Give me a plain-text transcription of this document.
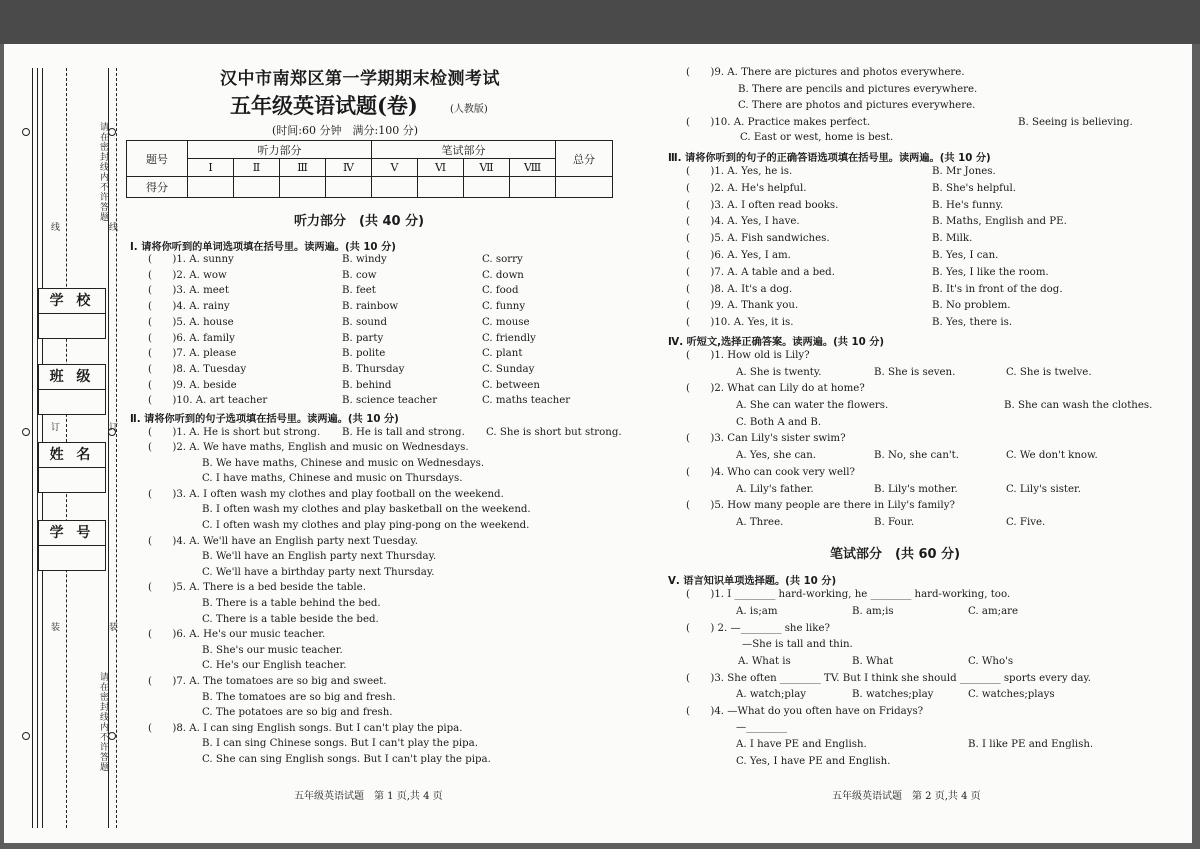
请在密封线内不许答题
请在密封线内不许答题
线	线
订	订
装	装
学 校
班 级
姓 名
学 号
汉中市南郑区第一学期期末检测考试
五年级英语试题(卷)	(人教版)
(时间:60 分钟　满分:100 分)
题号	听力部分				笔试部分				总分
	Ⅰ	Ⅱ	Ⅲ	Ⅳ	Ⅴ	Ⅵ	Ⅶ	Ⅷ	
得分									
听力部分　(共 40 分)
Ⅰ. 请将你听到的单词选项填在括号里。读两遍。(共 10 分)
(　　)1. A. sunny	B. windy	C. sorry
(　　)2. A. wow	B. cow	C. down
(　　)3. A. meet	B. feet	C. food
(　　)4. A. rainy	B. rainbow	C. funny
(　　)5. A. house	B. sound	C. mouse
(　　)6. A. family	B. party	C. friendly
(　　)7. A. please	B. polite	C. plant
(　　)8. A. Tuesday	B. Thursday	C. Sunday
(　　)9. A. beside	B. behind	C. between
(　　)10. A. art teacher	B. science teacher	C. maths teacher
Ⅱ. 请将你听到的句子选项填在括号里。读两遍。(共 10 分)
(　　)1. A. He is short but strong. B. He is tall and strong. C. She is short but strong.
(　　)2. A. We have maths, English and music on Wednesdays.
B. We have maths, Chinese and music on Wednesdays.
C. I have maths, Chinese and music on Thursdays.
(　　)3. A. I often wash my clothes and play football on the weekend.
B. I often wash my clothes and play basketball on the weekend.
C. I often wash my clothes and play ping-pong on the weekend.
(　　)4. A. We'll have an English party next Tuesday.
B. We'll have an English party next Thursday.
C. We'll have a birthday party next Thursday.
(　　)5. A. There is a bed beside the table.
B. There is a table behind the bed.
C. There is a table beside the bed.
(　　)6. A. He's our music teacher.
B. She's our music teacher.
C. He's our English teacher.
(　　)7. A. The tomatoes are so big and sweet.
B. The tomatoes are so big and fresh.
C. The potatoes are so big and fresh.
(　　)8. A. I can sing English songs. But I can't play the pipa.
B. I can sing Chinese songs. But I can't play the pipa.
C. She can sing English songs. But I can't play the pipa.
五年级英语试题　第 1 页,共 4 页
(　　)9. A. There are pictures and photos everywhere.
B. There are pencils and pictures everywhere.
C. There are photos and pictures everywhere.
(　　)10. A. Practice makes perfect.	B. Seeing is believing.
C. East or west, home is best.
Ⅲ. 请将你听到的句子的正确答语选项填在括号里。读两遍。(共 10 分)
(　　)1. A. Yes, he is.	B. Mr Jones.
(　　)2. A. He's helpful.	B. She's helpful.
(　　)3. A. I often read books.	B. He's funny.
(　　)4. A. Yes, I have.	B. Maths, English and PE.
(　　)5. A. Fish sandwiches.	B. Milk.
(　　)6. A. Yes, I am.	B. Yes, I can.
(　　)7. A. A table and a bed.	B. Yes, I like the room.
(　　)8. A. It's a dog.	B. It's in front of the dog.
(　　)9. A. Thank you.	B. No problem.
(　　)10. A. Yes, it is.	B. Yes, there is.
Ⅳ. 听短文,选择正确答案。读两遍。(共 10 分)
(　　)1. How old is Lily?
A. She is twenty.	B. She is seven.	C. She is twelve.
(　　)2. What can Lily do at home?
A. She can water the flowers.	B. She can wash the clothes.
C. Both A and B.
(　　)3. Can Lily's sister swim?
A. Yes, she can.	B. No, she can't.	C. We don't know.
(　　)4. Who can cook very well?
A. Lily's father.	B. Lily's mother.	C. Lily's sister.
(　　)5. How many people are there in Lily's family?
A. Three.	B. Four.	C. Five.
笔试部分　(共 60 分)
Ⅴ. 语言知识单项选择题。(共 10 分)
(　　)1. I ________ hard-working, he ________ hard-working, too.
A. is;am	B. am;is	C. am;are
(　　) 2. —________ she like?
—She is tall and thin.
A. What is	B. What	C. Who's
(　　)3. She often ________ TV. But I think she should ________ sports every day.
A. watch;play	B. watches;play	C. watches;plays
(　　)4. —What do you often have on Fridays?
—________
A. I have PE and English.	B. I like PE and English.
C. Yes, I have PE and English.
五年级英语试题　第 2 页,共 4 页
